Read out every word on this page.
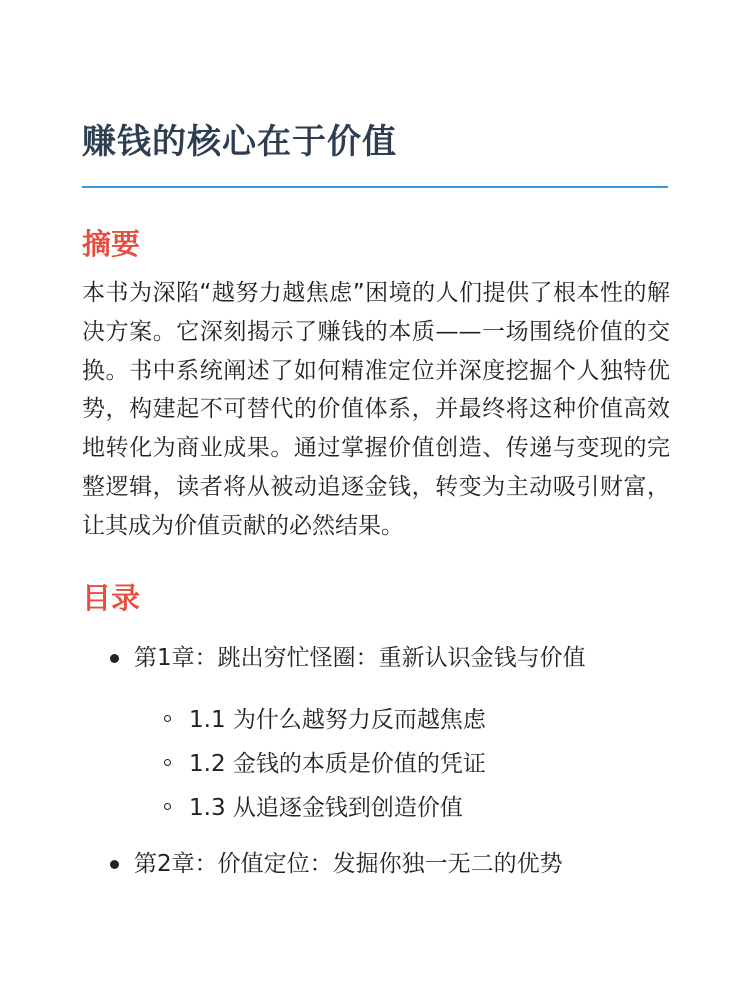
赚钱的核心在于价值
摘要

本书为深陷“越努力越焦虑”困境的人们提供了根本性的解决方案。它深刻揭示了赚钱的本质——一场围绕价值的交换。书中系统阐述了如何精准定位并深度挖掘个人独特优势，构建起不可替代的价值体系，并最终将这种价值高效地转化为商业成果。通过掌握价值创造、传递与变现的完整逻辑，读者将从被动追逐金钱，转变为主动吸引财富，让其成为价值贡献的必然结果。

目录
第1章：跳出穷忙怪圈：重新认识金钱与价值
1.1 为什么越努力反而越焦虑
1.2 金钱的本质是价值的凭证
1.3 从追逐金钱到创造价值
第2章：价值定位：发掘你独一无二的优势
